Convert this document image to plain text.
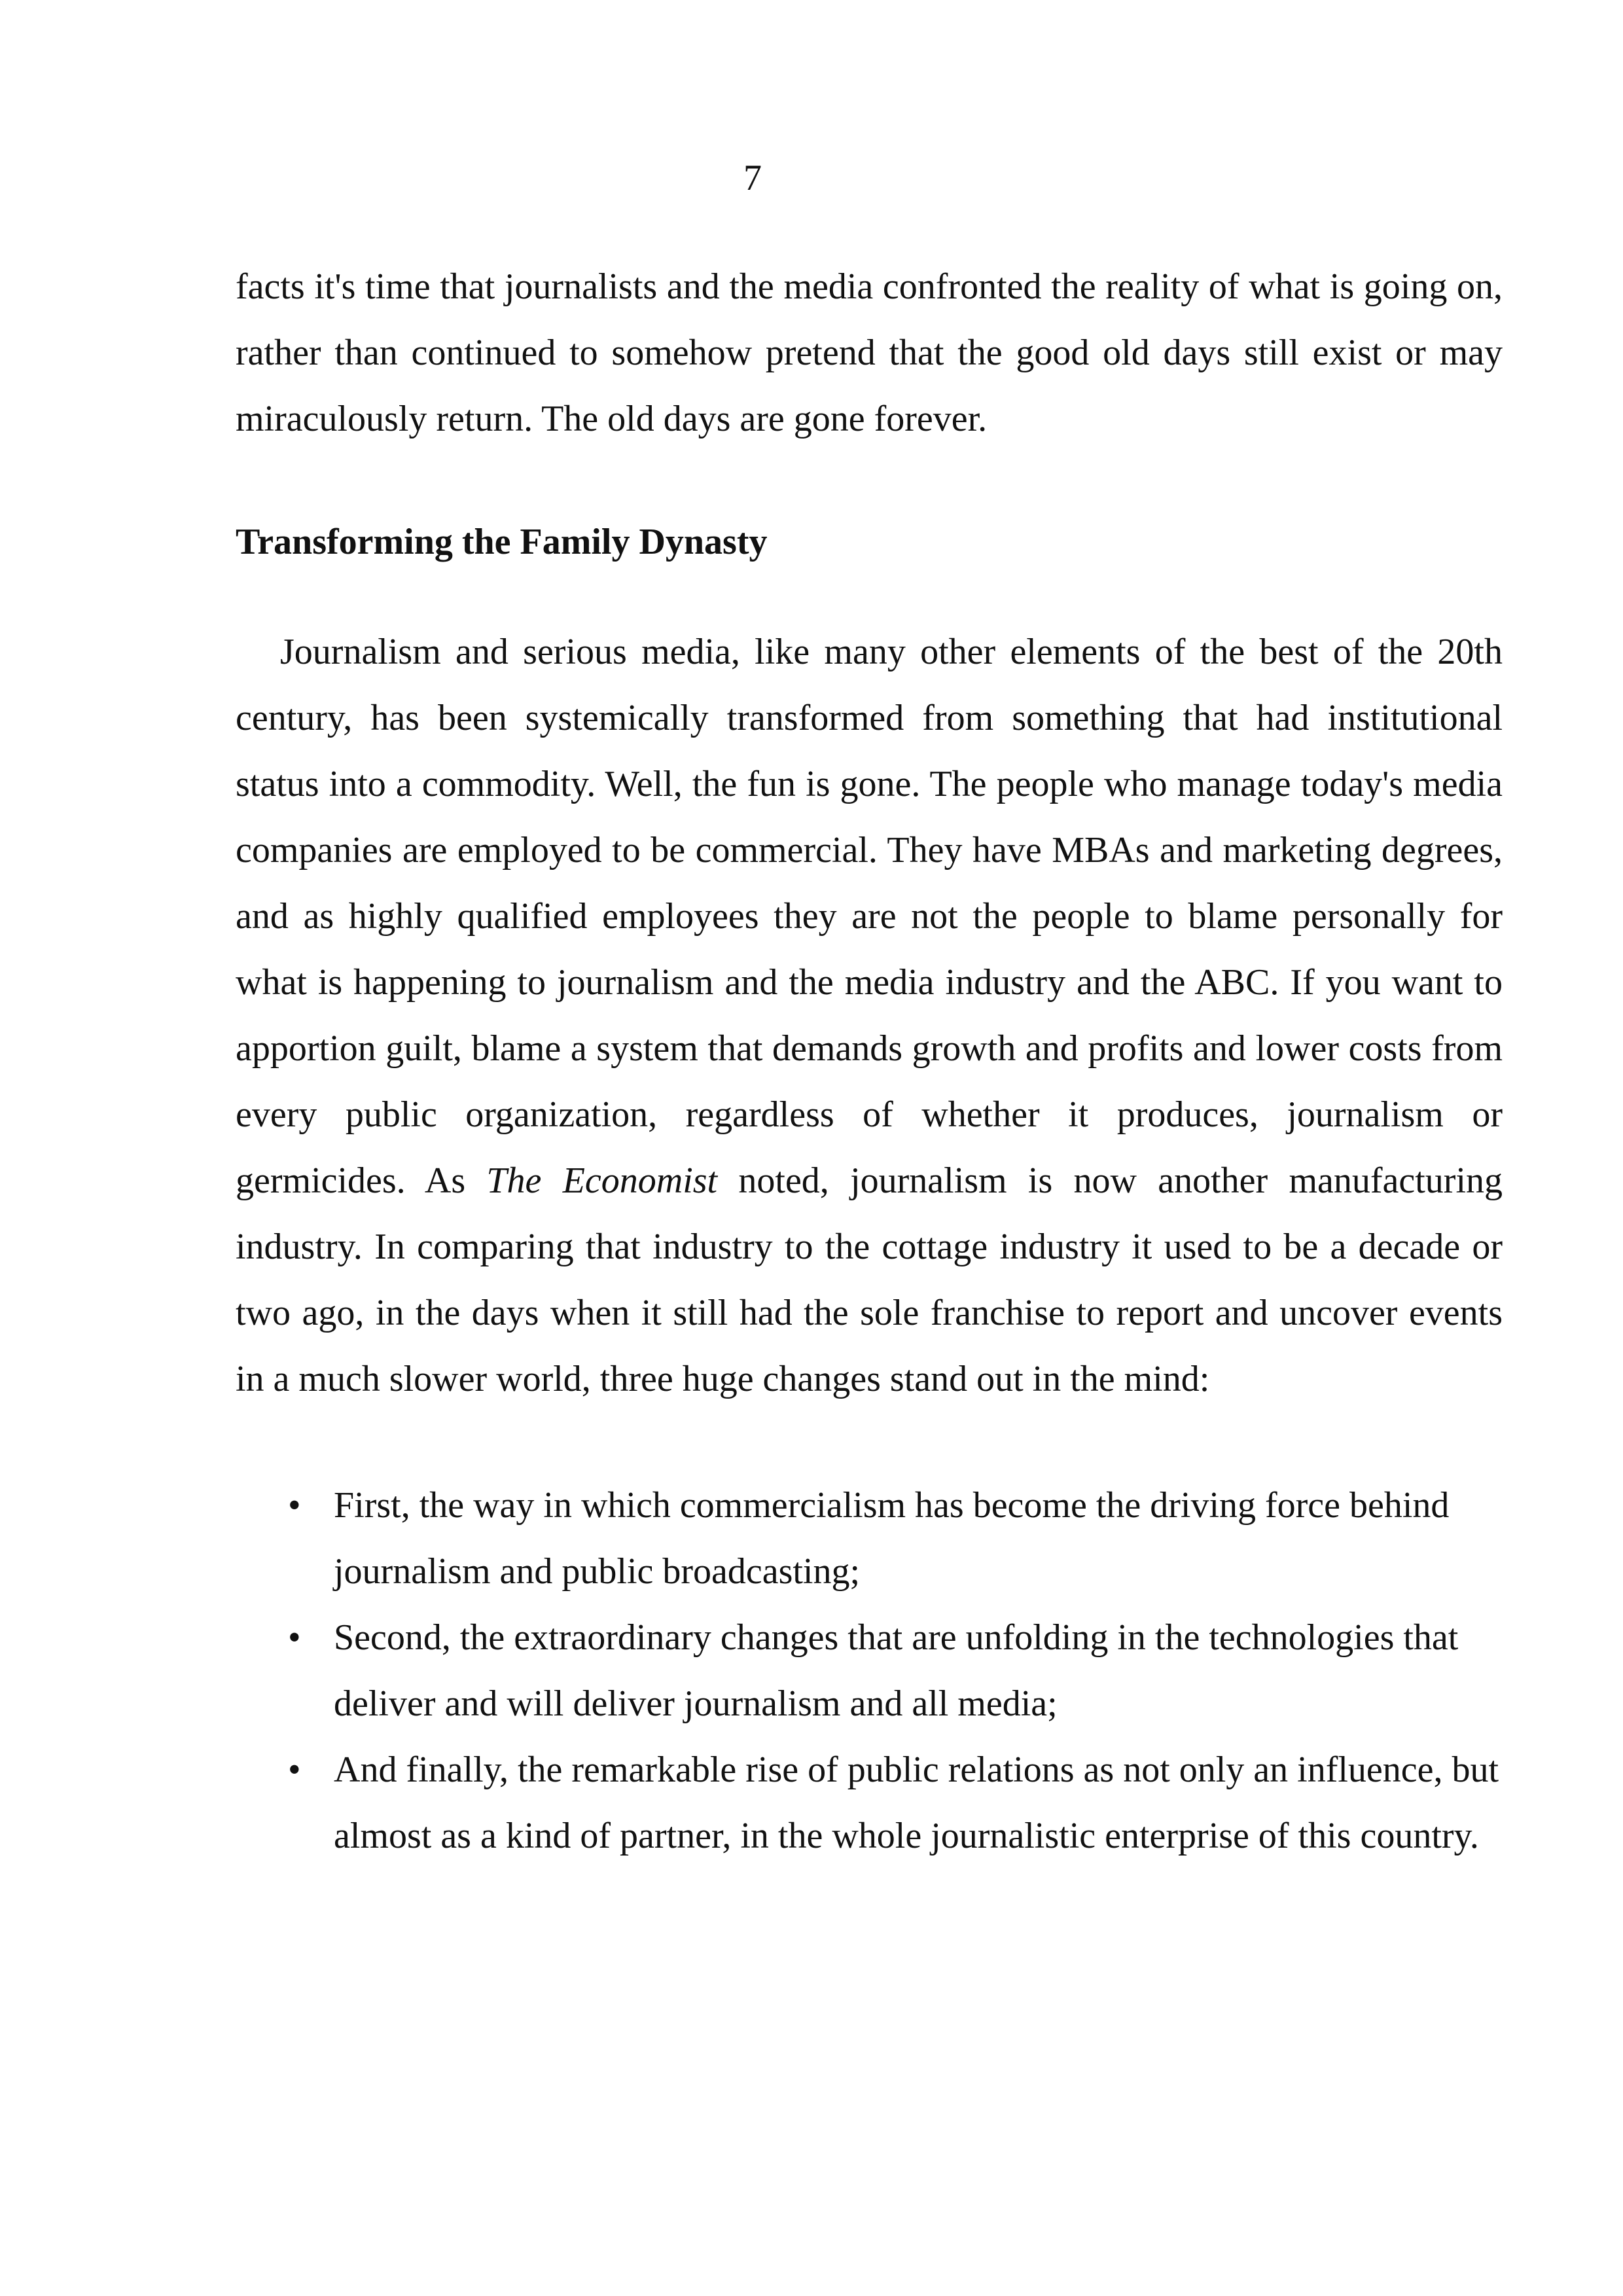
7

facts it's time that journalists and the media confronted the reality of what is going on, rather than continued to somehow pretend that the good old days still exist or may miraculously return. The old days are gone forever.

Transforming the Family Dynasty

Journalism and serious media, like many other elements of the best of the 20th century, has been systemically transformed from something that had institutional status into a commodity. Well, the fun is gone. The people who manage today's media companies are employed to be commercial. They have MBAs and marketing degrees, and as highly qualified employees they are not the people to blame personally for what is happening to journalism and the media industry and the ABC. If you want to apportion guilt, blame a system that demands growth and profits and lower costs from every public organization, regardless of whether it produces, journalism or germicides. As The Economist noted, journalism is now another manufacturing industry. In comparing that industry to the cottage industry it used to be a decade or two ago, in the days when it still had the sole franchise to report and uncover events in a much slower world, three huge changes stand out in the mind:

• First, the way in which commercialism has become the driving force behind journalism and public broadcasting;
• Second, the extraordinary changes that are unfolding in the technologies that deliver and will deliver journalism and all media;
• And finally, the remarkable rise of public relations as not only an influence, but almost as a kind of partner, in the whole journalistic enterprise of this country.
